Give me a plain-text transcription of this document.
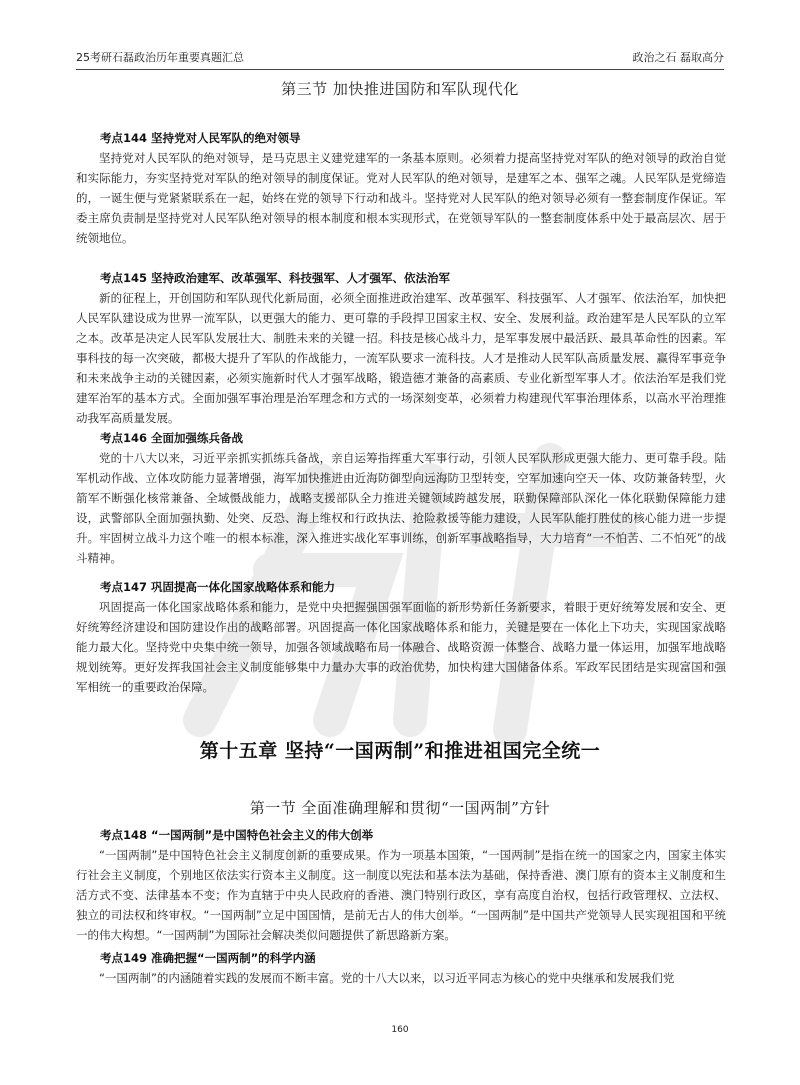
25考研石磊政治历年重要真题汇总	政治之石 磊取高分
第三节 加快推进国防和军队现代化
考点144 坚持党对人民军队的绝对领导
坚持党对人民军队的绝对领导，是马克思主义建党建军的一条基本原则。必须着力提高坚持党对军队的绝对领导的政治自觉和实际能力，夯实坚持党对军队的绝对领导的制度保证。党对人民军队的绝对领导，是建军之本、强军之魂。人民军队是党缔造的，一诞生便与党紧紧联系在一起，始终在党的领导下行动和战斗。坚持党对人民军队的绝对领导必须有一整套制度作保证。军委主席负责制是坚持党对人民军队绝对领导的根本制度和根本实现形式，在党领导军队的一整套制度体系中处于最高层次、居于统领地位。
考点145 坚持政治建军、改革强军、科技强军、人才强军、依法治军
新的征程上，开创国防和军队现代化新局面，必须全面推进政治建军、改革强军、科技强军、人才强军、依法治军，加快把人民军队建设成为世界一流军队，以更强大的能力、更可靠的手段捍卫国家主权、安全、发展利益。政治建军是人民军队的立军之本。改革是决定人民军队发展壮大、制胜未来的关键一招。科技是核心战斗力，是军事发展中最活跃、最具革命性的因素。军事科技的每一次突破，都极大提升了军队的作战能力，一流军队要求一流科技。人才是推动人民军队高质量发展、赢得军事竞争和未来战争主动的关键因素，必须实施新时代人才强军战略，锻造德才兼备的高素质、专业化新型军事人才。依法治军是我们党建军治军的基本方式。全面加强军事治理是治军理念和方式的一场深刻变革，必须着力构建现代军事治理体系，以高水平治理推动我军高质量发展。
考点146 全面加强练兵备战
党的十八大以来，习近平亲抓实抓练兵备战，亲自运筹指挥重大军事行动，引领人民军队形成更强大能力、更可靠手段。陆军机动作战、立体攻防能力显著增强，海军加快推进由近海防御型向远海防卫型转变，空军加速向空天一体、攻防兼备转型，火箭军不断强化核常兼备、全域慑战能力，战略支援部队全力推进关键领域跨越发展，联勤保障部队深化一体化联勤保障能力建设，武警部队全面加强执勤、处突、反恐、海上维权和行政执法、抢险救援等能力建设，人民军队能打胜仗的核心能力进一步提升。牢固树立战斗力这个唯一的根本标准，深入推进实战化军事训练，创新军事战略指导，大力培育“一不怕苦、二不怕死”的战斗精神。
考点147 巩固提高一体化国家战略体系和能力
巩固提高一体化国家战略体系和能力，是党中央把握强国强军面临的新形势新任务新要求，着眼于更好统筹发展和安全、更好统筹经济建设和国防建设作出的战略部署。巩固提高一体化国家战略体系和能力，关键是要在一体化上下功夫，实现国家战略能力最大化。坚持党中央集中统一领导，加强各领域战略布局一体融合、战略资源一体整合、战略力量一体运用，加强军地战略规划统筹。更好发挥我国社会主义制度能够集中力量办大事的政治优势，加快构建大国储备体系。军政军民团结是实现富国和强军相统一的重要政治保障。
第十五章 坚持“一国两制”和推进祖国完全统一
第一节 全面准确理解和贯彻“一国两制”方针
考点148 “一国两制”是中国特色社会主义的伟大创举
“一国两制”是中国特色社会主义制度创新的重要成果。作为一项基本国策，“一国两制”是指在统一的国家之内，国家主体实行社会主义制度，个别地区依法实行资本主义制度。这一制度以宪法和基本法为基础，保持香港、澳门原有的资本主义制度和生活方式不变、法律基本不变；作为直辖于中央人民政府的香港、澳门特别行政区，享有高度自治权，包括行政管理权、立法权、独立的司法权和终审权。“一国两制”立足中国国情，是前无古人的伟大创举。“一国两制”是中国共产党领导人民实现祖国和平统一的伟大构想。“一国两制”为国际社会解决类似问题提供了新思路新方案。
考点149 准确把握“一国两制”的科学内涵
“一国两制”的内涵随着实践的发展而不断丰富。党的十八大以来，以习近平同志为核心的党中央继承和发展我们党
160
